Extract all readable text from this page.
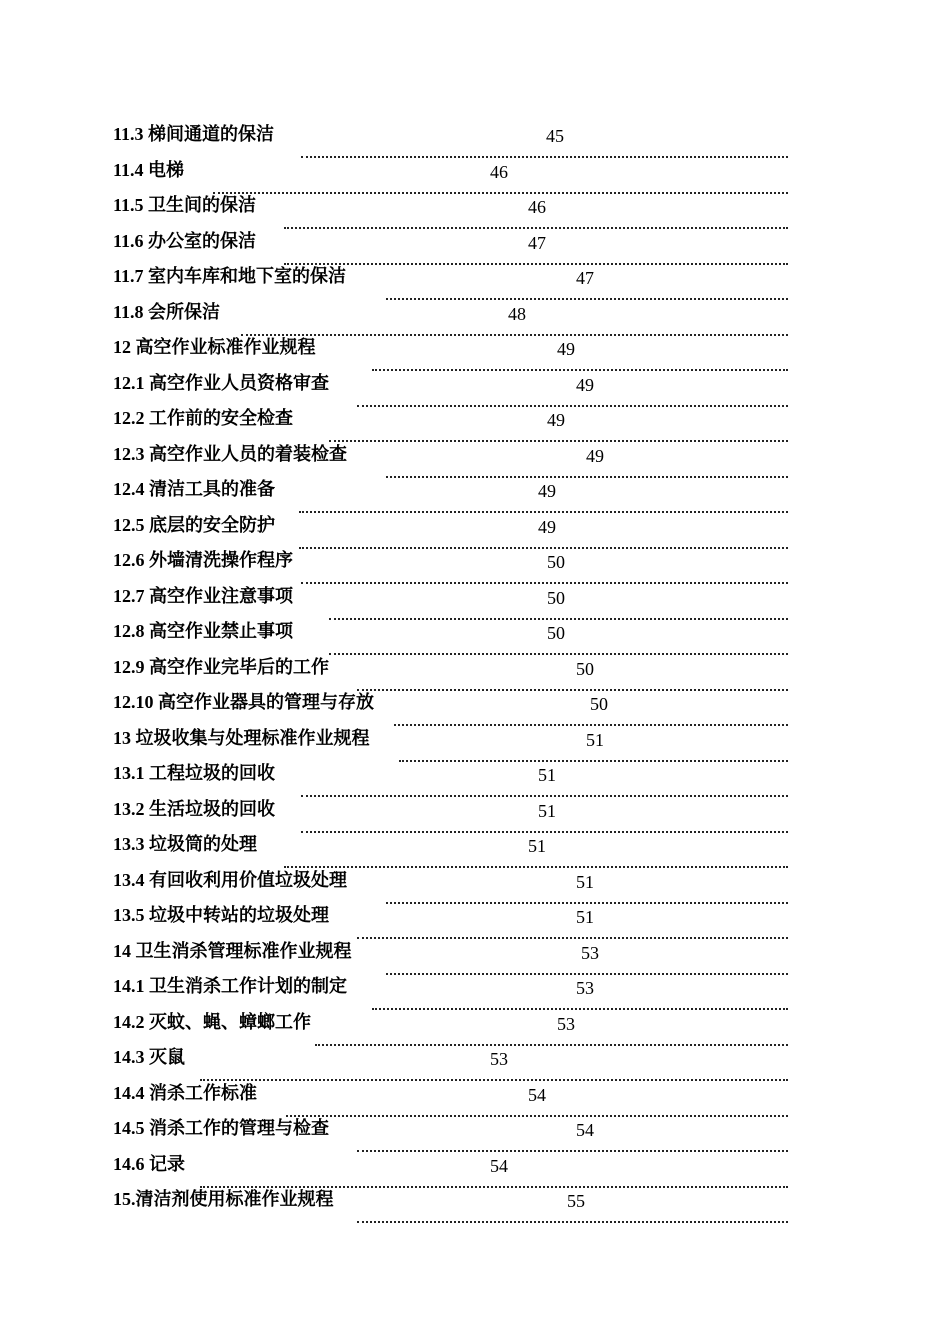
11.3 梯间通道的保洁	45
11.4 电梯	46
11.5 卫生间的保洁	46
11.6 办公室的保洁	47
11.7 室内车库和地下室的保洁	47
11.8 会所保洁	48
12 高空作业标准作业规程	49
12.1 高空作业人员资格审查	49
12.2 工作前的安全检查	49
12.3 高空作业人员的着装检查	49
12.4 清洁工具的准备	49
12.5 底层的安全防护	49
12.6 外墙清洗操作程序	50
12.7 高空作业注意事项	50
12.8 高空作业禁止事项	50
12.9 高空作业完毕后的工作	50
12.10 高空作业器具的管理与存放	50
13 垃圾收集与处理标准作业规程	51
13.1 工程垃圾的回收	51
13.2 生活垃圾的回收	51
13.3 垃圾筒的处理	51
13.4 有回收利用价值垃圾处理	51
13.5 垃圾中转站的垃圾处理	51
14 卫生消杀管理标准作业规程	53
14.1 卫生消杀工作计划的制定	53
14.2 灭蚊、蝇、蟑螂工作	53
14.3 灭鼠	53
14.4 消杀工作标准	54
14.5 消杀工作的管理与检查	54
14.6 记录	54
15.清洁剂使用标准作业规程	55
